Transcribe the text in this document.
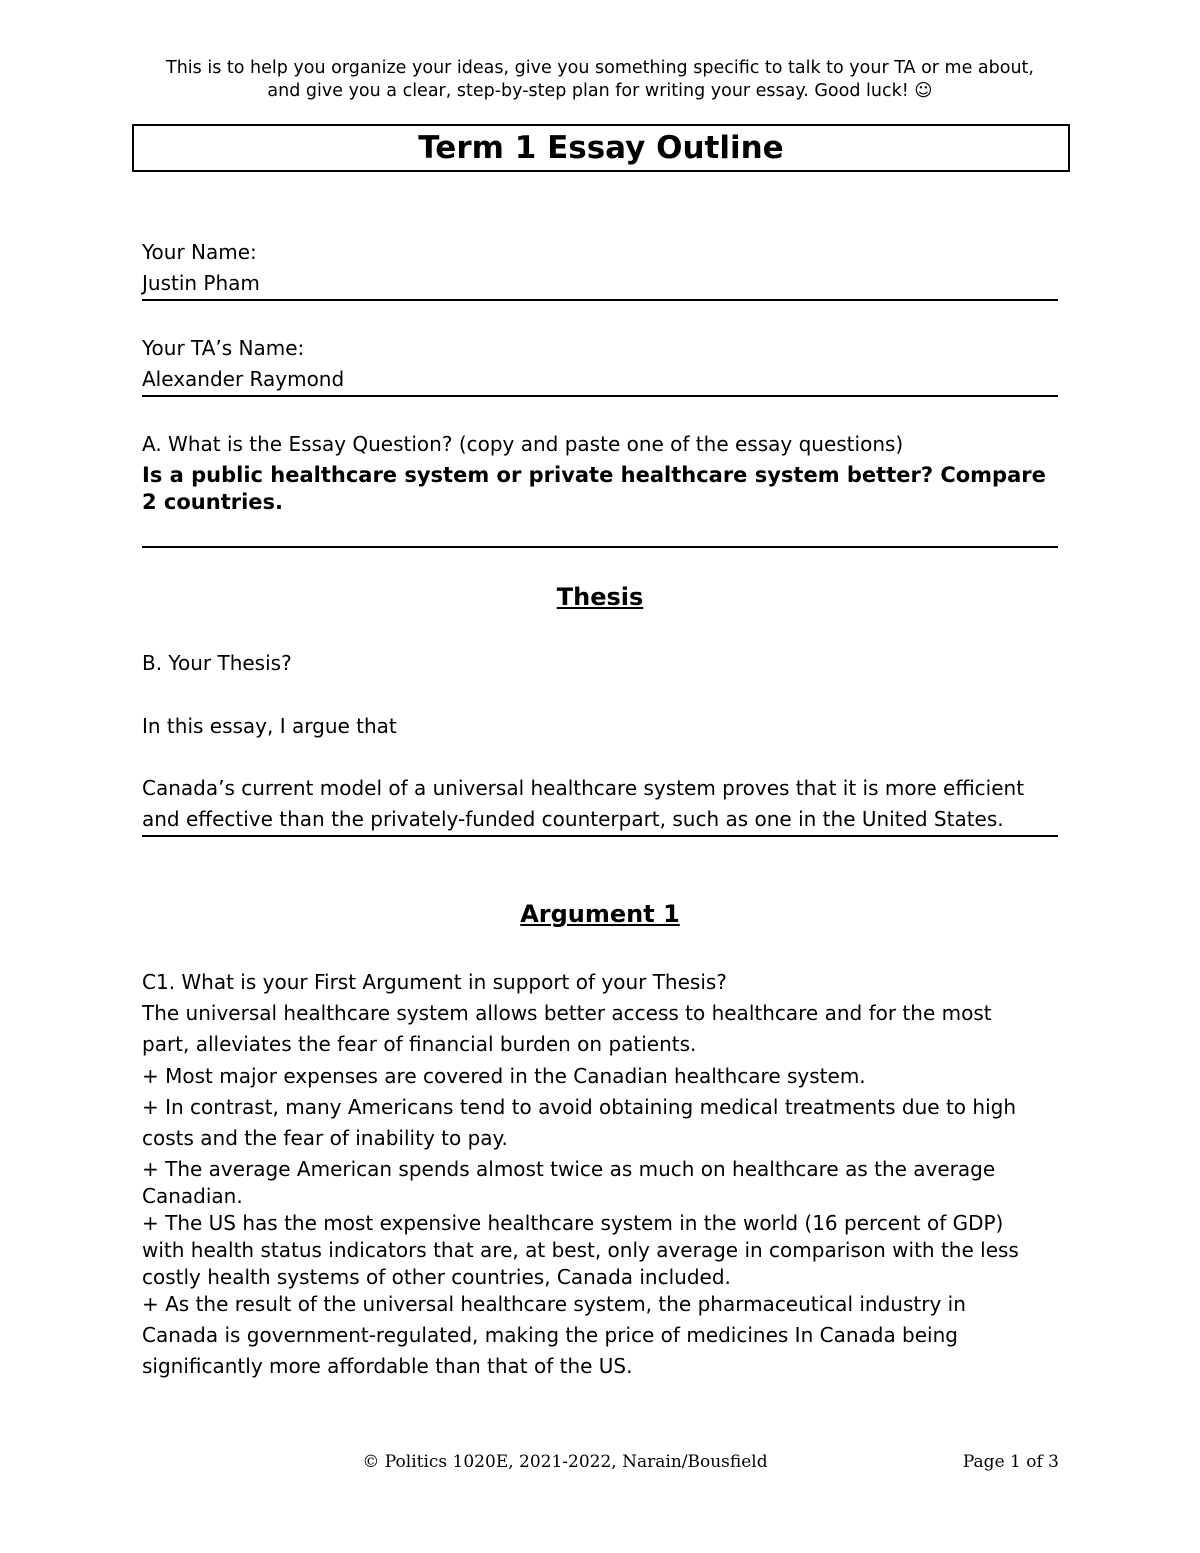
This is to help you organize your ideas, give you something specific to talk to your TA or me about,
and give you a clear, step-by-step plan for writing your essay. Good luck! ☺
Term 1 Essay Outline
Your Name:
Justin Pham
Your TA’s Name:
Alexander Raymond
A. What is the Essay Question? (copy and paste one of the essay questions)
Is a public healthcare system or private healthcare system better? Compare
2 countries.
Thesis
B. Your Thesis?
In this essay, I argue that
Canada’s current model of a universal healthcare system proves that it is more efficient
and effective than the privately-funded counterpart, such as one in the United States.
Argument 1
C1. What is your First Argument in support of your Thesis?
The universal healthcare system allows better access to healthcare and for the most
part, alleviates the fear of financial burden on patients.
+ Most major expenses are covered in the Canadian healthcare system.
+ In contrast, many Americans tend to avoid obtaining medical treatments due to high
costs and the fear of inability to pay.
+ The average American spends almost twice as much on healthcare as the average
Canadian.
+ The US has the most expensive healthcare system in the world (16 percent of GDP)
with health status indicators that are, at best, only average in comparison with the less
costly health systems of other countries, Canada included.
+ As the result of the universal healthcare system, the pharmaceutical industry in
Canada is government-regulated, making the price of medicines In Canada being
significantly more affordable than that of the US.
© Politics 1020E, 2021-2022, Narain/Bousfield	Page 1 of 3
